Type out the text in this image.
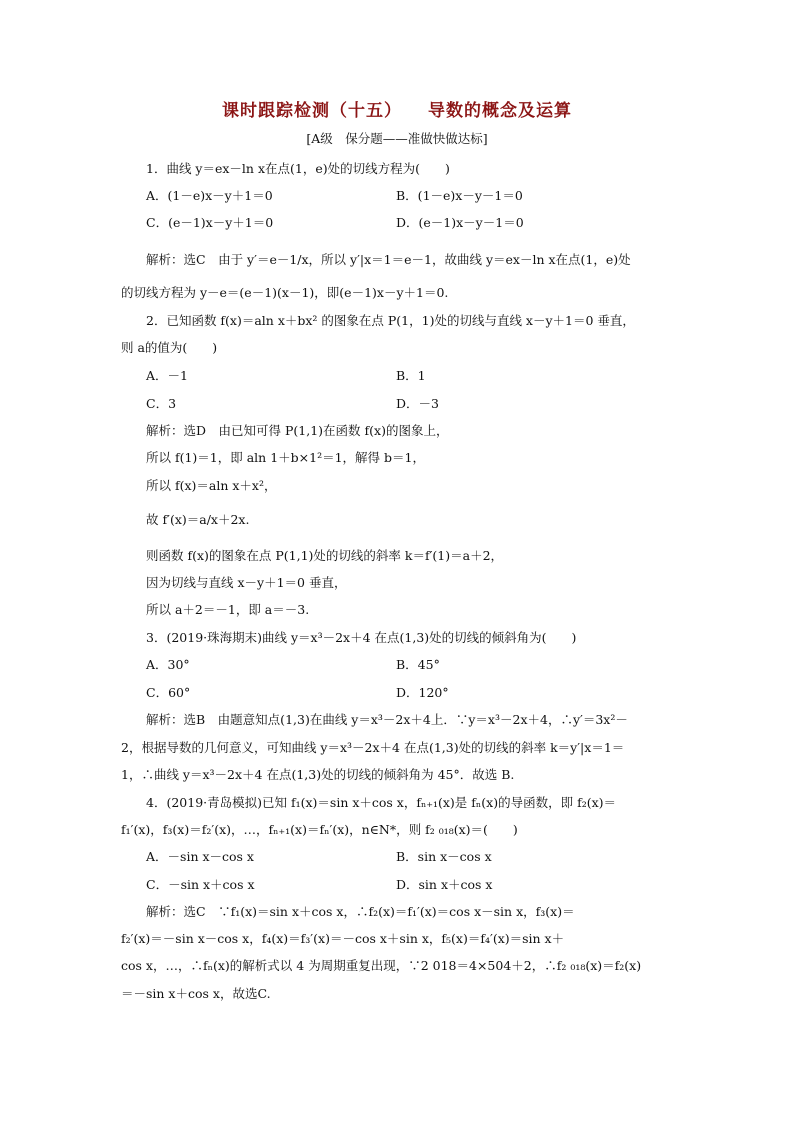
课时跟踪检测（十五） 导数的概念及运算
[A级　保分题——准做快做达标]
1．曲线 y＝ex－ln x在点(1，e)处的切线方程为(　　)
A．(1－e)x－y＋1＝0	B．(1－e)x－y－1＝0
C．(e－1)x－y＋1＝0	D．(e－1)x－y－1＝0
解析：选C　由于 y′＝e－1/x，所以 y′|x＝1＝e－1，故曲线 y＝ex－ln x在点(1，e)处
的切线方程为 y－e＝(e－1)(x－1)，即(e－1)x－y＋1＝0.
2．已知函数 f(x)＝aln x＋bx² 的图象在点 P(1，1)处的切线与直线 x－y＋1＝0 垂直，
则 a的值为(　　)
A．－1	B．1
C．3	D．－3
解析：选D　由已知可得 P(1,1)在函数 f(x)的图象上，
所以 f(1)＝1，即 aln 1＋b×1²＝1，解得 b＝1，
所以 f(x)＝aln x＋x²，
故 f′(x)＝a/x＋2x.
则函数 f(x)的图象在点 P(1,1)处的切线的斜率 k＝f′(1)＝a＋2，
因为切线与直线 x－y＋1＝0 垂直，
所以 a＋2＝－1，即 a＝－3.
3．(2019·珠海期末)曲线 y＝x³－2x＋4 在点(1,3)处的切线的倾斜角为(　　)
A．30°	B．45°
C．60°	D．120°
解析：选B　由题意知点(1,3)在曲线 y＝x³－2x＋4上．∵y＝x³－2x＋4，∴y′＝3x²－
2，根据导数的几何意义，可知曲线 y＝x³－2x＋4 在点(1,3)处的切线的斜率 k＝y′|x＝1＝
1，∴曲线 y＝x³－2x＋4 在点(1,3)处的切线的倾斜角为 45°．故选 B.
4．(2019·青岛模拟)已知 f₁(x)＝sin x＋cos x，fₙ₊₁(x)是 fₙ(x)的导函数，即 f₂(x)＝
f₁′(x)，f₃(x)＝f₂′(x)，…，fₙ₊₁(x)＝fₙ′(x)，n∈N*，则 f₂ ₀₁₈(x)＝(　　)
A．－sin x－cos x	B．sin x－cos x
C．－sin x＋cos x	D．sin x＋cos x
解析：选C　∵f₁(x)＝sin x＋cos x，∴f₂(x)＝f₁′(x)＝cos x－sin x，f₃(x)＝
f₂′(x)＝－sin x－cos x，f₄(x)＝f₃′(x)＝－cos x＋sin x，f₅(x)＝f₄′(x)＝sin x＋
cos x，…，∴fₙ(x)的解析式以 4 为周期重复出现，∵2 018＝4×504＋2，∴f₂ ₀₁₈(x)＝f₂(x)
＝－sin x＋cos x，故选C.
